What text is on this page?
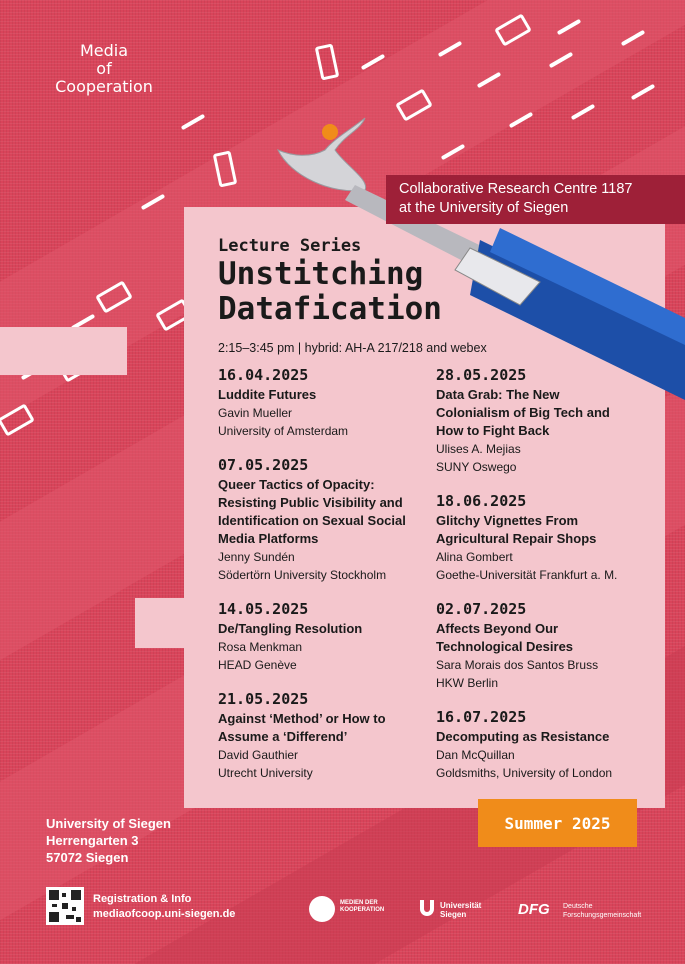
Media
of
Cooperation
Collaborative Research Centre 1187
at the University of Siegen
Lecture Series
Unstitching
Datafication
2:15–3:45 pm | hybrid: AH-A 217/218 and webex
16.04.2025
Luddite Futures
Gavin Mueller
University of Amsterdam
07.05.2025
Queer Tactics of Opacity:
Resisting Public Visibility and
Identification on Sexual Social
Media Platforms
Jenny Sundén
Södertörn University Stockholm
14.05.2025
De/Tangling Resolution
Rosa Menkman
HEAD Genève
21.05.2025
Against ‘Method’ or How to
Assume a ‘Differend’
David Gauthier
Utrecht University
28.05.2025
Data Grab: The New
Colonialism of Big Tech and
How to Fight Back
Ulises A. Mejias
SUNY Oswego
18.06.2025
Glitchy Vignettes From
Agricultural Repair Shops
Alina Gombert
Goethe-Universität Frankfurt a. M.
02.07.2025
Affects Beyond Our
Technological Desires
Sara Morais dos Santos Bruss
HKW Berlin
16.07.2025
Decomputing as Resistance
Dan McQuillan
Goldsmiths, University of London
Summer 2025
University of Siegen
Herrengarten 3
57072 Siegen
Registration & Info
mediaofcoop.uni-siegen.de
MEDIEN DER KOOPERATION	Universität
Siegen	DFG Deutsche
Forschungsgemeinschaft
